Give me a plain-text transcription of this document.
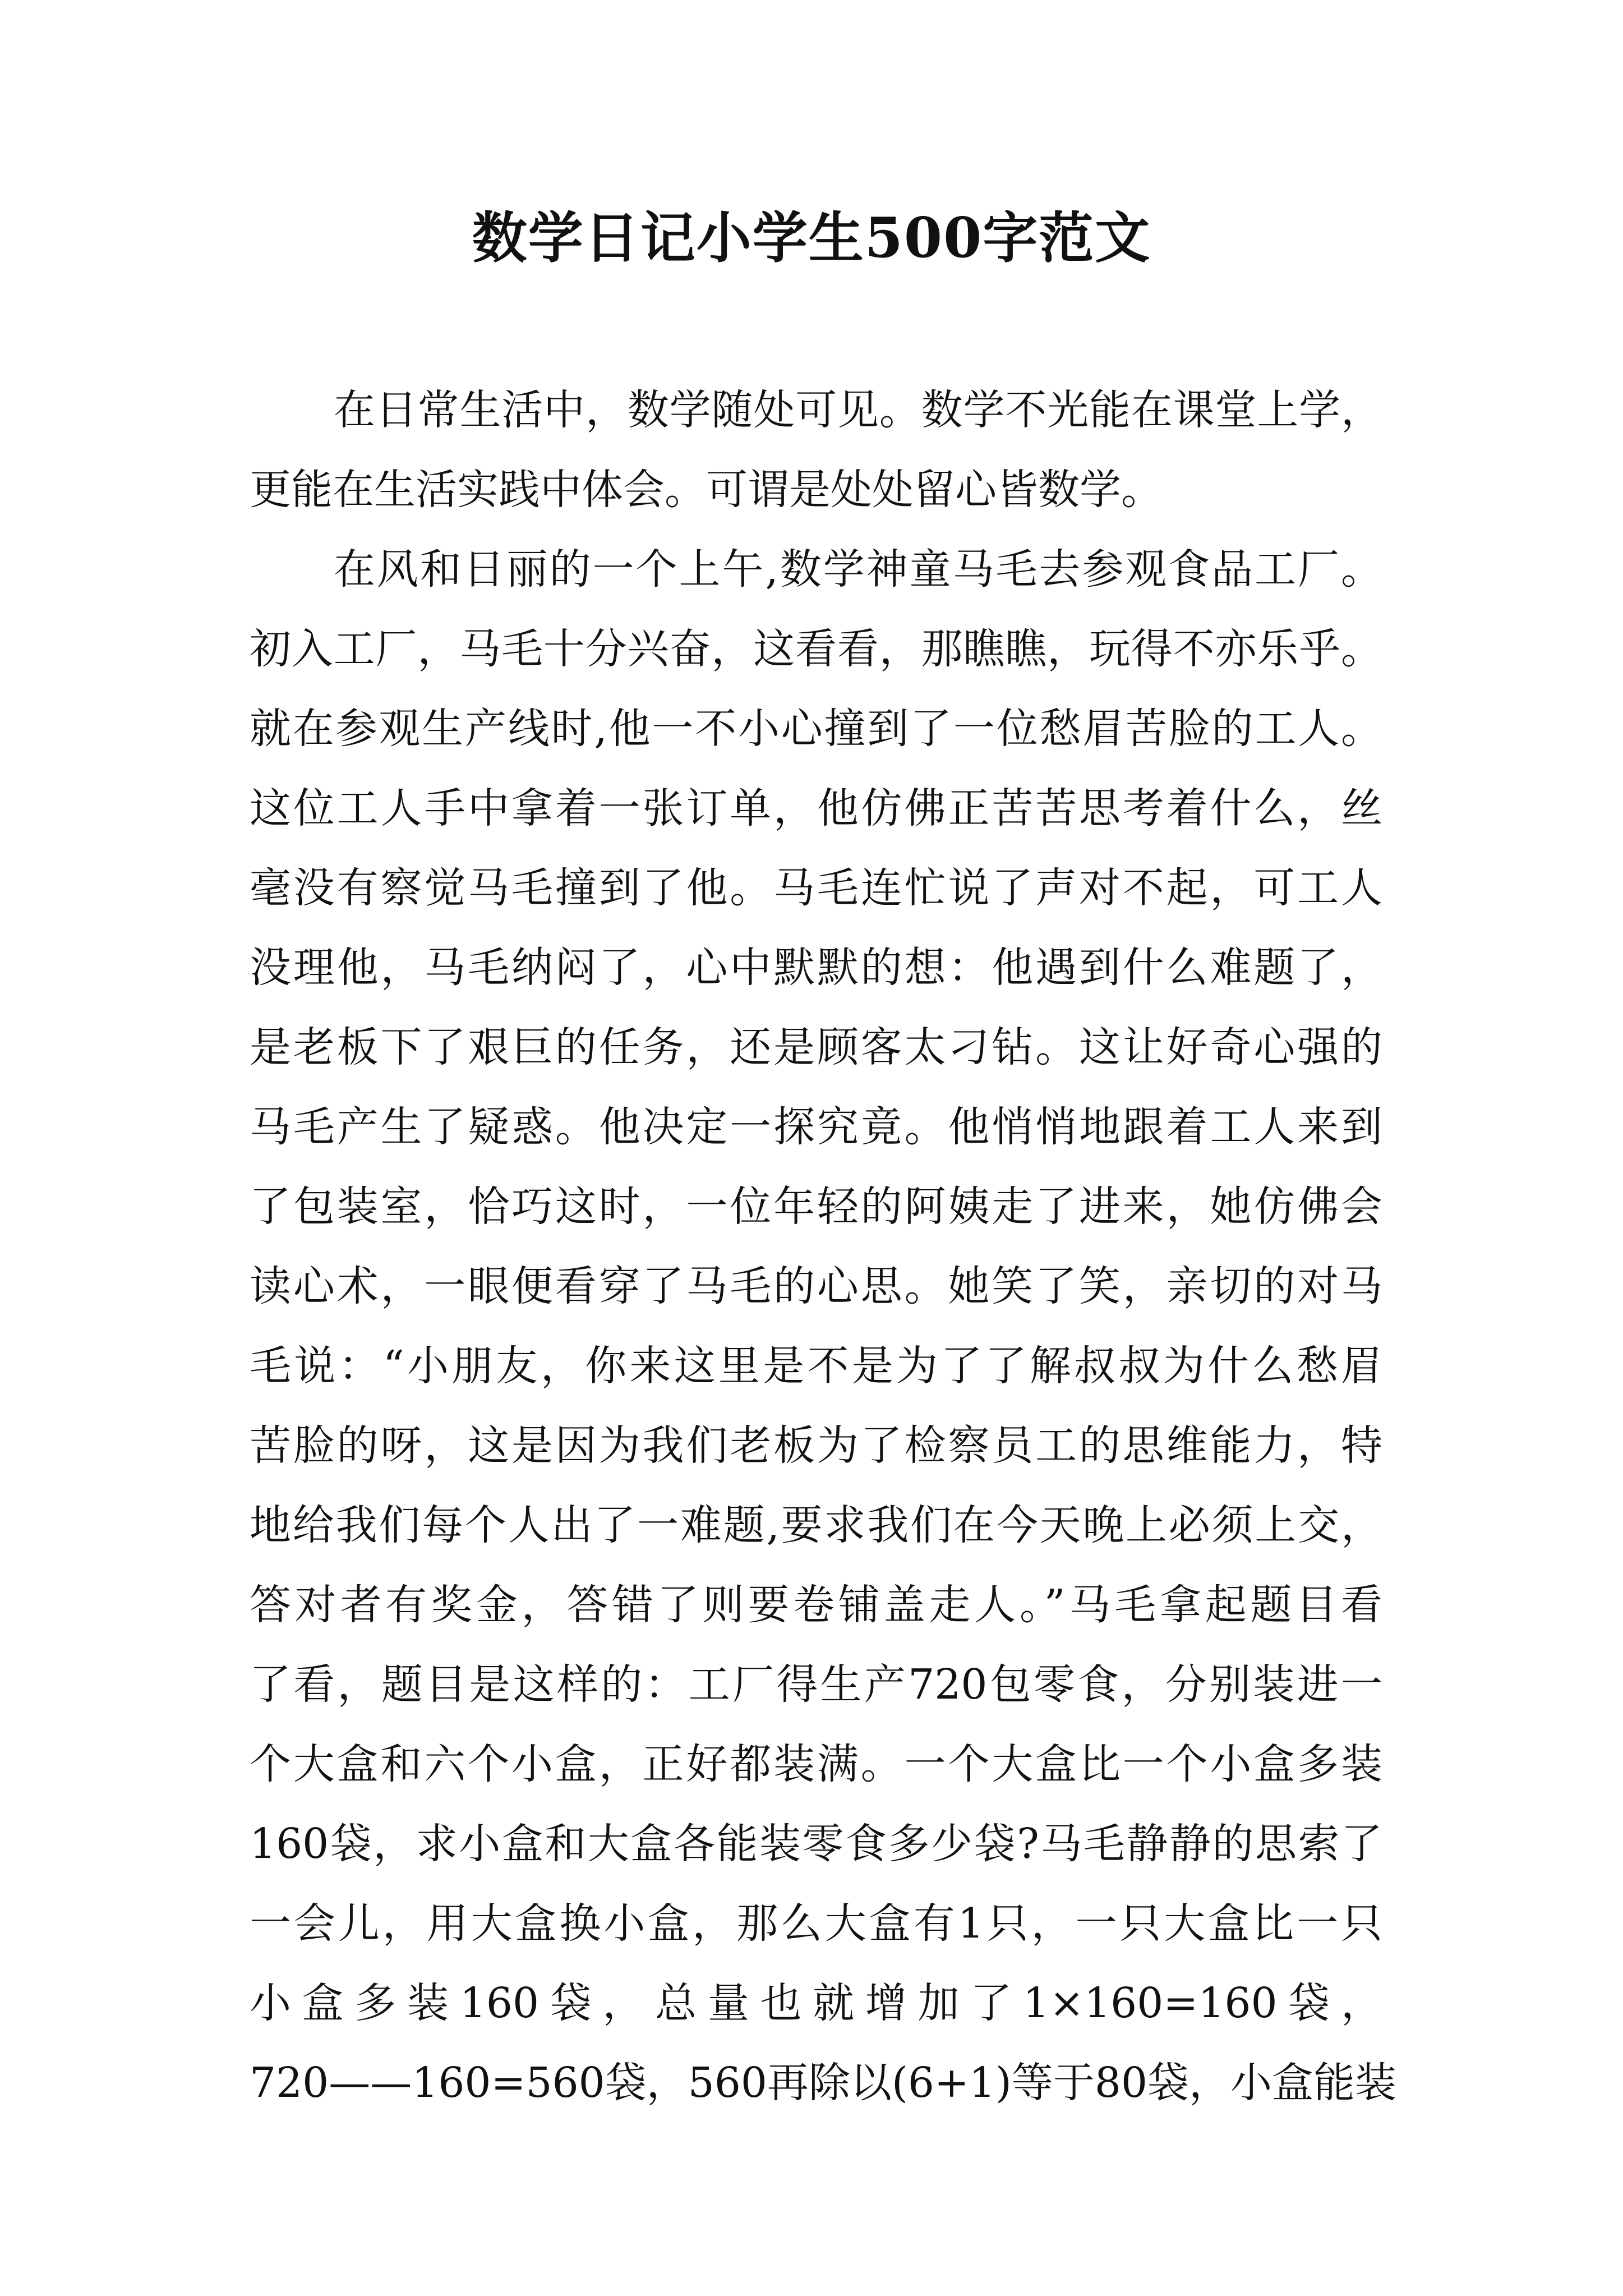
数学日记小学生500字范文
在日常生活中，数学随处可见。数学不光能在课堂上学，
更能在生活实践中体会。可谓是处处留心皆数学。
在风和日丽的一个上午,数学神童马毛去参观食品工厂。
初入工厂，马毛十分兴奋，这看看，那瞧瞧，玩得不亦乐乎。
就在参观生产线时,他一不小心撞到了一位愁眉苦脸的工人。
这位工人手中拿着一张订单，他仿佛正苦苦思考着什么，丝
毫没有察觉马毛撞到了他。马毛连忙说了声对不起，可工人
没理他，马毛纳闷了，心中默默的想：他遇到什么难题了，
是老板下了艰巨的任务，还是顾客太刁钻。这让好奇心强的
马毛产生了疑惑。他决定一探究竟。他悄悄地跟着工人来到
了包装室，恰巧这时，一位年轻的阿姨走了进来，她仿佛会
读心术，一眼便看穿了马毛的心思。她笑了笑，亲切的对马
毛说：“小朋友，你来这里是不是为了了解叔叔为什么愁眉
苦脸的呀，这是因为我们老板为了检察员工的思维能力，特
地给我们每个人出了一难题,要求我们在今天晚上必须上交，
答对者有奖金，答错了则要卷铺盖走人。”马毛拿起题目看
了看，题目是这样的：工厂得生产720包零食，分别装进一
个大盒和六个小盒，正好都装满。一个大盒比一个小盒多装
160袋，求小盒和大盒各能装零食多少袋?马毛静静的思索了
一会儿，用大盒换小盒，那么大盒有1只，一只大盒比一只
小盒多装160袋，总量也就增加了1×160=160袋，
720——160=560袋，560再除以(6+1)等于80袋，小盒能装
